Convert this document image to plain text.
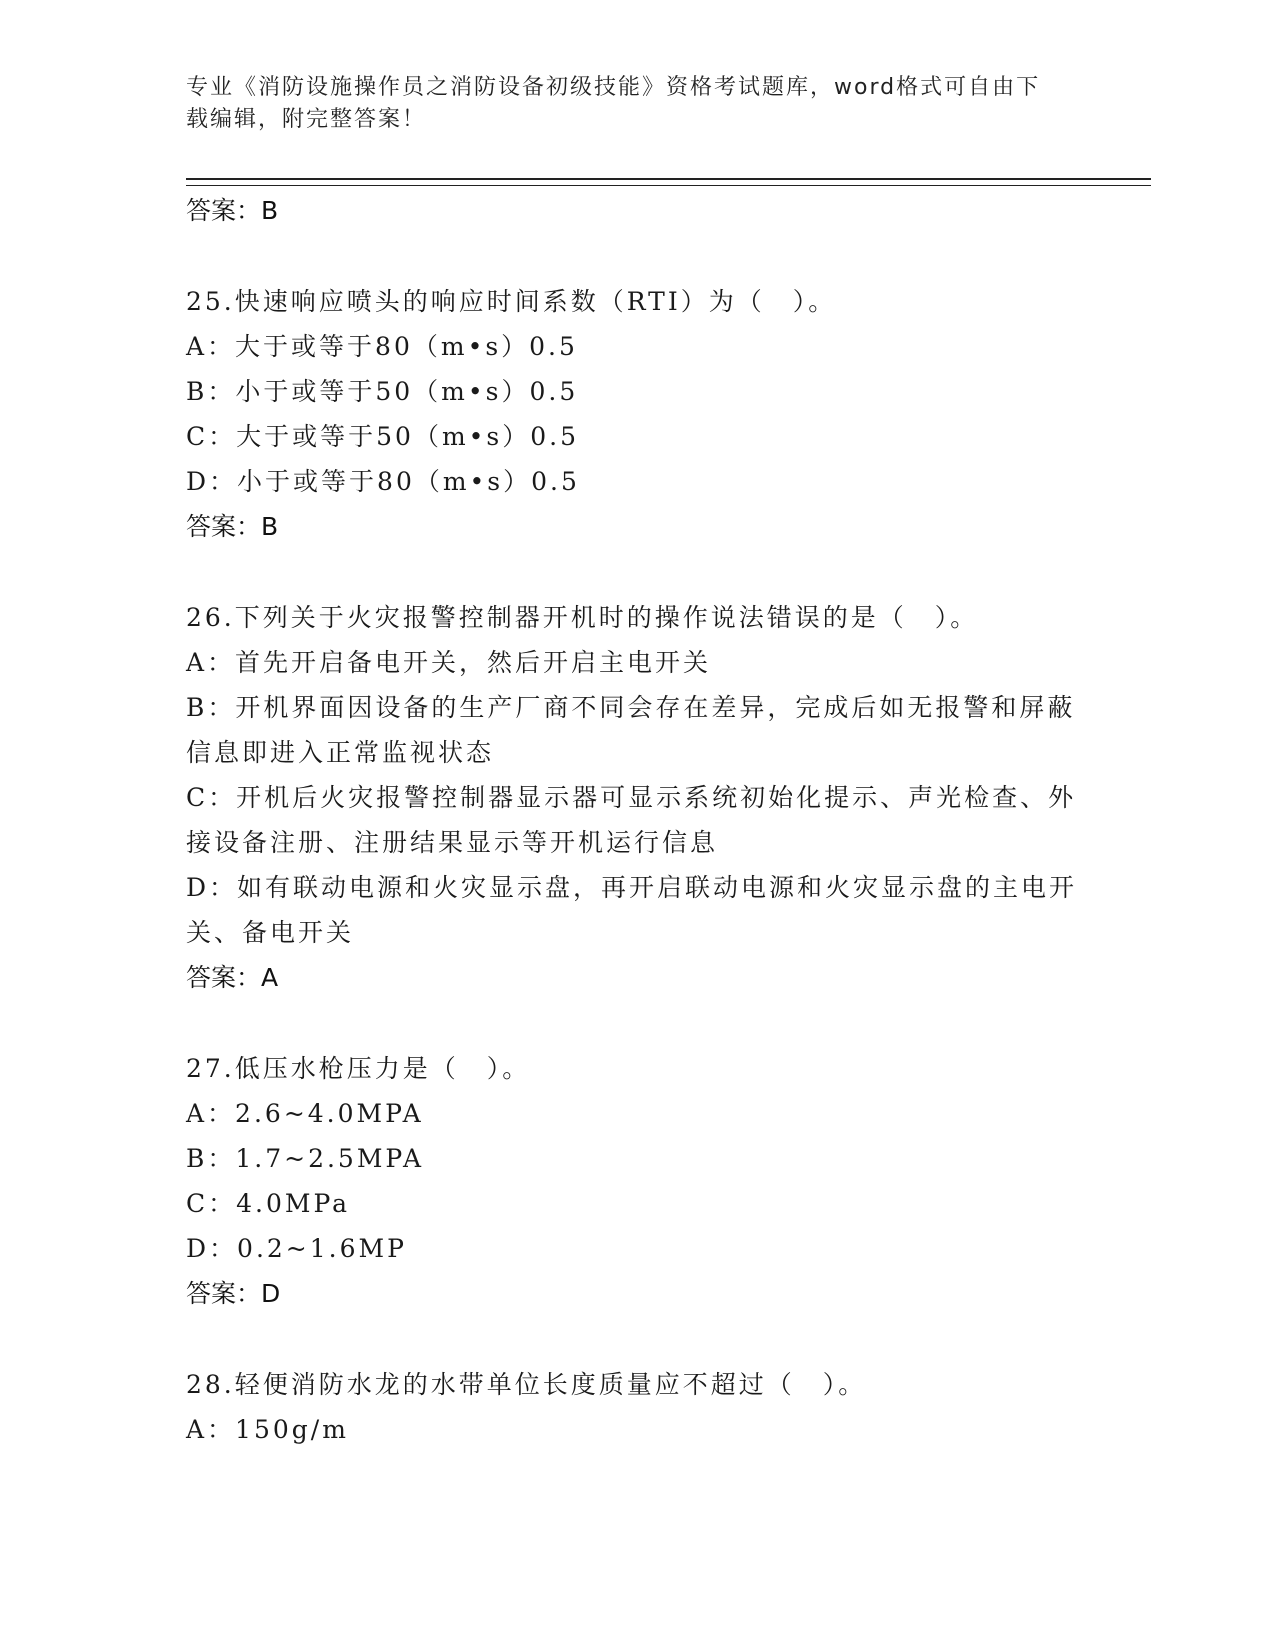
专业《消防设施操作员之消防设备初级技能》资格考试题库，word格式可自由下
载编辑，附完整答案！

答案：B

25.快速响应喷头的响应时间系数（RTI）为（　）。

A：大于或等于80（m•s）0.5

B：小于或等于50（m•s）0.5

C：大于或等于50（m•s）0.5

D：小于或等于80（m•s）0.5

答案：B

26.下列关于火灾报警控制器开机时的操作说法错误的是（　）。

A：首先开启备电开关，然后开启主电开关

B：开机界面因设备的生产厂商不同会存在差异，完成后如无报警和屏蔽信息即进入正常监视状态

C：开机后火灾报警控制器显示器可显示系统初始化提示、声光检查、外接设备注册、注册结果显示等开机运行信息

D：如有联动电源和火灾显示盘，再开启联动电源和火灾显示盘的主电开关、备电开关

答案：A

27.低压水枪压力是（　）。

A：2.6~4.0MPA

B：1.7~2.5MPA

C：4.0MPa

D：0.2~1.6MP

答案：D

28.轻便消防水龙的水带单位长度质量应不超过（　）。

A：150g/m
